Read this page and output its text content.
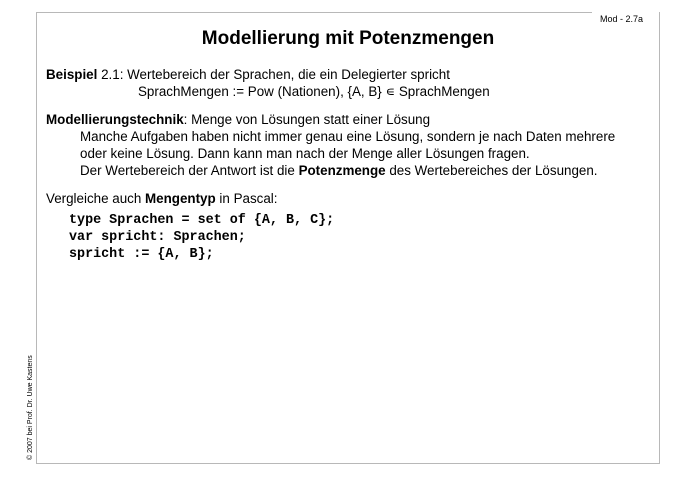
Mod - 2.7a
Modellierung mit Potenzmengen
Beispiel 2.1: Wertebereich der Sprachen, die ein Delegierter spricht
SprachMengen := Pow (Nationen), {A, B} ∊ SprachMengen
Modellierungstechnik: Menge von Lösungen statt einer Lösung
Manche Aufgaben haben nicht immer genau eine Lösung, sondern je nach Daten mehrere
oder keine Lösung. Dann kann man nach der Menge aller Lösungen fragen.
Der Wertebereich der Antwort ist die Potenzmenge des Wertebereiches der Lösungen.
Vergleiche auch Mengentyp in Pascal:
type Sprachen = set of {A, B, C};
var spricht: Sprachen;
spricht := {A, B};
© 2007 bei Prof. Dr. Uwe Kastens
